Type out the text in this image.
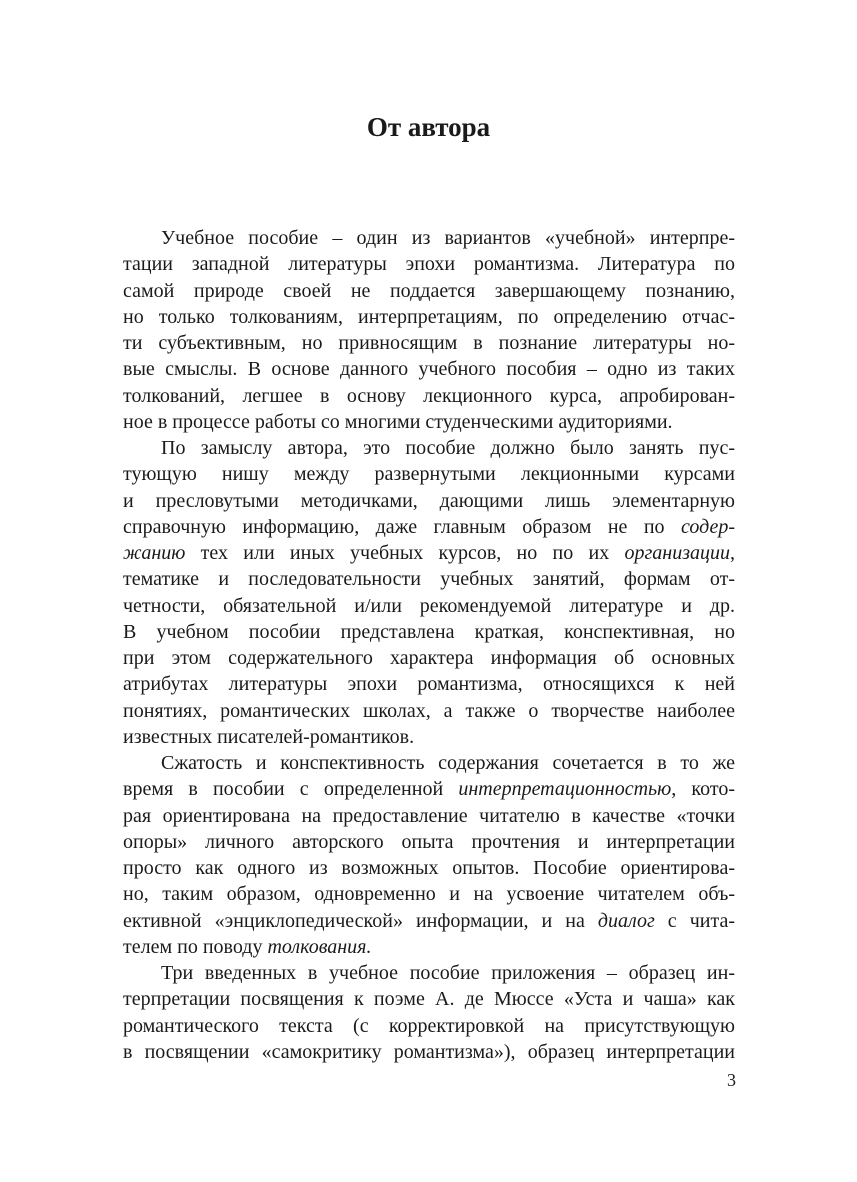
От автора
Учебное пособие – один из вариантов «учебной» интерпре-
тации западной литературы эпохи романтизма. Литература по
самой природе своей не поддается завершающему познанию,
но только толкованиям, интерпретациям, по определению отчас-
ти субъективным, но привносящим в познание литературы но-
вые смыслы. В основе данного учебного пособия – одно из таких
толкований, легшее в основу лекционного курса, апробирован-
ное в процессе работы со многими студенческими аудиториями.
По замыслу автора, это пособие должно было занять пус-
тующую нишу между развернутыми лекционными курсами
и пресловутыми методичками, дающими лишь элементарную
справочную информацию, даже главным образом не по содер-
жанию тех или иных учебных курсов, но по их организации,
тематике и последовательности учебных занятий, формам от-
четности, обязательной и/или рекомендуемой литературе и др.
В учебном пособии представлена краткая, конспективная, но
при этом содержательного характера информация об основных
атрибутах литературы эпохи романтизма, относящихся к ней
понятиях, романтических школах, а также о творчестве наиболее
известных писателей-романтиков.
Сжатость и конспективность содержания сочетается в то же
время в пособии с определенной интерпретационностью, кото-
рая ориентирована на предоставление читателю в качестве «точки
опоры» личного авторского опыта прочтения и интерпретации
просто как одного из возможных опытов. Пособие ориентирова-
но, таким образом, одновременно и на усвоение читателем объ-
ективной «энциклопедической» информации, и на диалог с чита-
телем по поводу толкования.
Три введенных в учебное пособие приложения – образец ин-
терпретации посвящения к поэме А. де Мюссе «Уста и чаша» как
романтического текста (с корректировкой на присутствующую
в посвящении «самокритику романтизма»), образец интерпретации
3
